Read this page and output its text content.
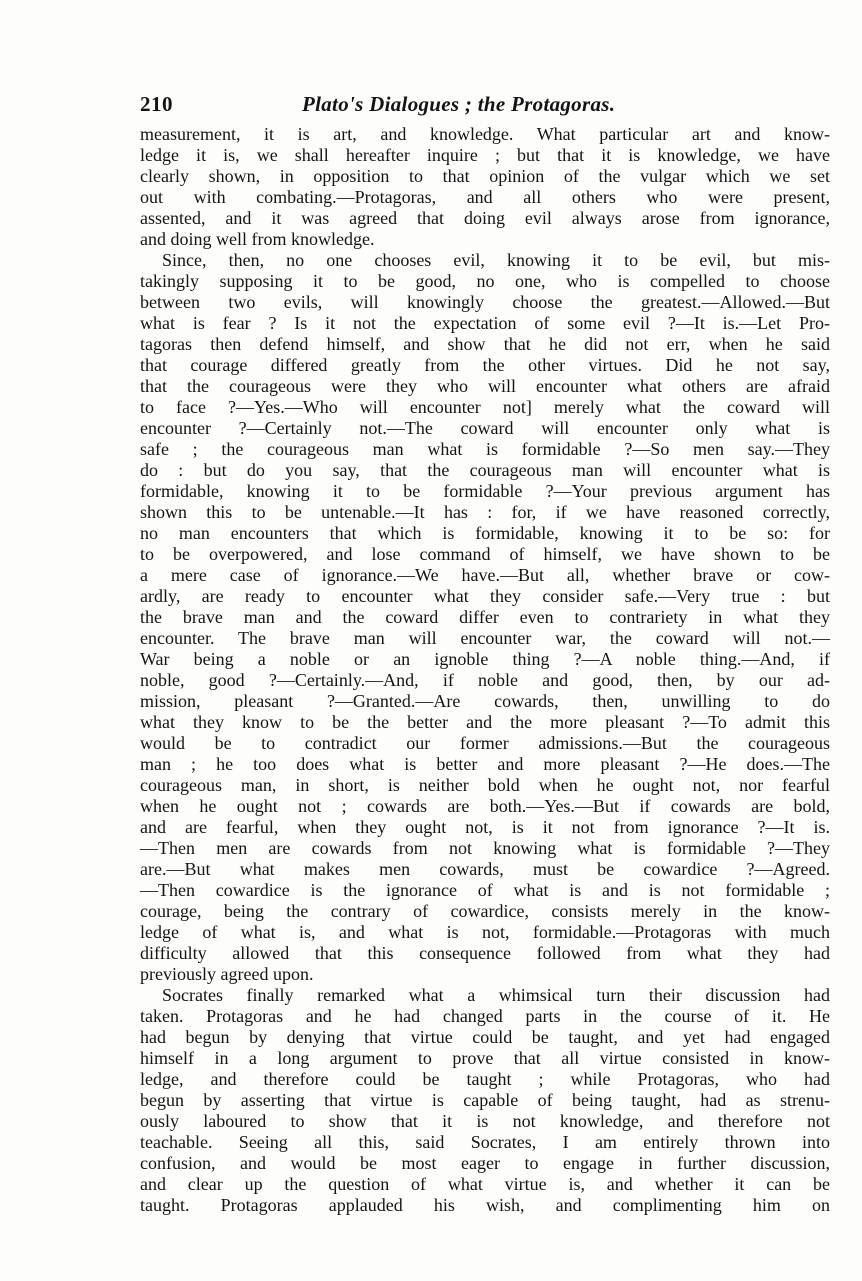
210	Plato's Dialogues ; the Protagoras.
measurement, it is art, and knowledge. What particular art and know-
ledge it is, we shall hereafter inquire ; but that it is knowledge, we have
clearly shown, in opposition to that opinion of the vulgar which we set
out with combating.—Protagoras, and all others who were present,
assented, and it was agreed that doing evil always arose from ignorance,
and doing well from knowledge.
Since, then, no one chooses evil, knowing it to be evil, but mis-
takingly supposing it to be good, no one, who is compelled to choose
between two evils, will knowingly choose the greatest.—Allowed.—But
what is fear ? Is it not the expectation of some evil ?—It is.—Let Pro-
tagoras then defend himself, and show that he did not err, when he said
that courage differed greatly from the other virtues. Did he not say,
that the courageous were they who will encounter what others are afraid
to face ?—Yes.—Who will encounter not] merely what the coward will
encounter ?—Certainly not.—The coward will encounter only what is
safe ; the courageous man what is formidable ?—So men say.—They
do : but do you say, that the courageous man will encounter what is
formidable, knowing it to be formidable ?—Your previous argument has
shown this to be untenable.—It has : for, if we have reasoned correctly,
no man encounters that which is formidable, knowing it to be so: for
to be overpowered, and lose command of himself, we have shown to be
a mere case of ignorance.—We have.—But all, whether brave or cow-
ardly, are ready to encounter what they consider safe.—Very true : but
the brave man and the coward differ even to contrariety in what they
encounter. The brave man will encounter war, the coward will not.—
War being a noble or an ignoble thing ?—A noble thing.—And, if
noble, good ?—Certainly.—And, if noble and good, then, by our ad-
mission, pleasant ?—Granted.—Are cowards, then, unwilling to do
what they know to be the better and the more pleasant ?—To admit this
would be to contradict our former admissions.—But the courageous
man ; he too does what is better and more pleasant ?—He does.—The
courageous man, in short, is neither bold when he ought not, nor fearful
when he ought not ; cowards are both.—Yes.—But if cowards are bold,
and are fearful, when they ought not, is it not from ignorance ?—It is.
—Then men are cowards from not knowing what is formidable ?—They
are.—But what makes men cowards, must be cowardice ?—Agreed.
—Then cowardice is the ignorance of what is and is not formidable ;
courage, being the contrary of cowardice, consists merely in the know-
ledge of what is, and what is not, formidable.—Protagoras with much
difficulty allowed that this consequence followed from what they had
previously agreed upon.
Socrates finally remarked what a whimsical turn their discussion had
taken. Protagoras and he had changed parts in the course of it. He
had begun by denying that virtue could be taught, and yet had engaged
himself in a long argument to prove that all virtue consisted in know-
ledge, and therefore could be taught ; while Protagoras, who had
begun by asserting that virtue is capable of being taught, had as strenu-
ously laboured to show that it is not knowledge, and therefore not
teachable. Seeing all this, said Socrates, I am entirely thrown into
confusion, and would be most eager to engage in further discussion,
and clear up the question of what virtue is, and whether it can be
taught. Protagoras applauded his wish, and complimenting him on
